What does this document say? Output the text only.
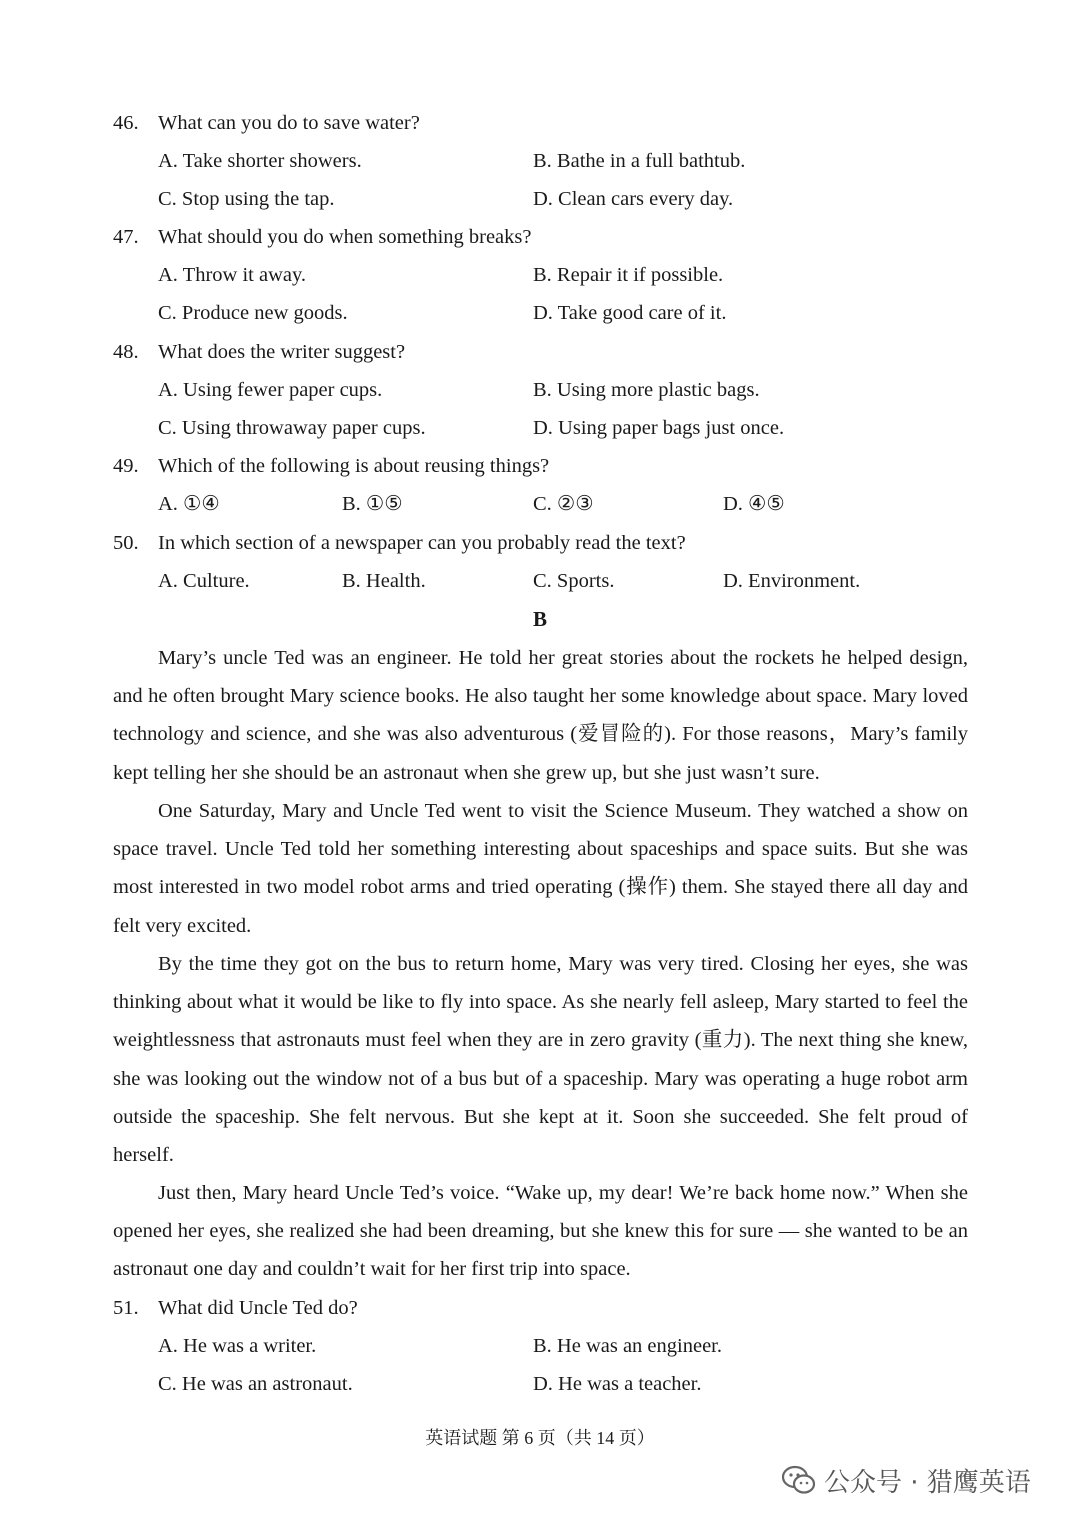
46. What can you do to save water?
A. Take shorter showers.	B. Bathe in a full bathtub.
C. Stop using the tap.	D. Clean cars every day.
47. What should you do when something breaks?
A. Throw it away.	B. Repair it if possible.
C. Produce new goods.	D. Take good care of it.
48. What does the writer suggest?
A. Using fewer paper cups.	B. Using more plastic bags.
C. Using throwaway paper cups.	D. Using paper bags just once.
49. Which of the following is about reusing things?
A. ①④	B. ①⑤	C. ②③	D. ④⑤
50. In which section of a newspaper can you probably read the text?
A. Culture.	B. Health.	C. Sports.	D. Environment.
B

Mary’s uncle Ted was an engineer. He told her great stories about the rockets he helped design, and he often brought Mary science books. He also taught her some knowledge about space. Mary loved technology and science, and she was also adventurous (爱冒险的). For those reasons，Mary’s family kept telling her she should be an astronaut when she grew up, but she just wasn’t sure.

One Saturday, Mary and Uncle Ted went to visit the Science Museum. They watched a show on space travel. Uncle Ted told her something interesting about spaceships and space suits. But she was most interested in two model robot arms and tried operating (操作) them. She stayed there all day and felt very excited.

By the time they got on the bus to return home, Mary was very tired. Closing her eyes, she was thinking about what it would be like to fly into space. As she nearly fell asleep, Mary started to feel the weightlessness that astronauts must feel when they are in zero gravity (重力). The next thing she knew, she was looking out the window not of a bus but of a spaceship. Mary was operating a huge robot arm outside the spaceship. She felt nervous. But she kept at it. Soon she succeeded. She felt proud of herself.

Just then, Mary heard Uncle Ted’s voice. “Wake up, my dear! We’re back home now.” When she opened her eyes, she realized she had been dreaming, but she knew this for sure — she wanted to be an astronaut one day and couldn’t wait for her first trip into space.

51. What did Uncle Ted do?
A. He was a writer.	B. He was an engineer.
C. He was an astronaut.	D. He was a teacher.
英语试题 第 6 页（共 14 页）
公众号 · 猎鹰英语
